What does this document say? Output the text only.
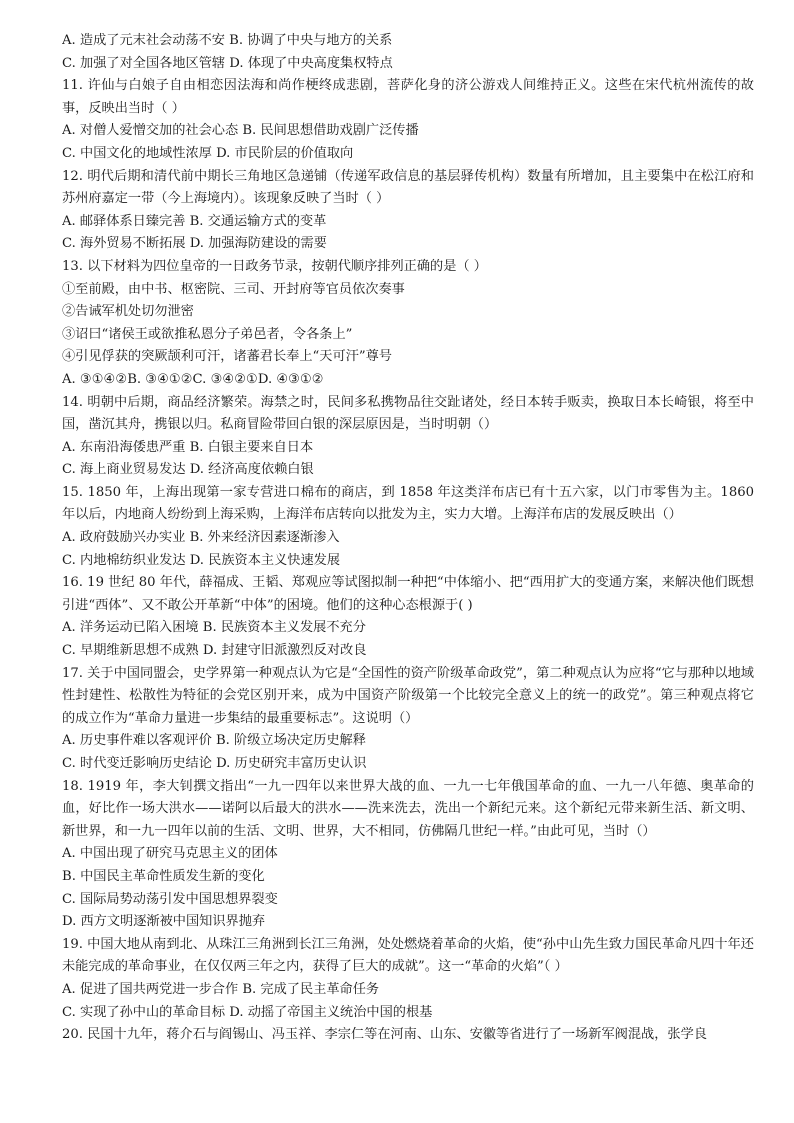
A. 造成了元末社会动荡不安 B. 协调了中央与地方的关系
C. 加强了对全国各地区管辖 D. 体现了中央高度集权特点
11. 许仙与白娘子自由相恋因法海和尚作梗终成悲剧，菩萨化身的济公游戏人间维持正义。这些在宋代杭州流传的故事，反映出当时（ ）
A. 对僧人爱憎交加的社会心态 B. 民间思想借助戏剧广泛传播
C. 中国文化的地域性浓厚 D. 市民阶层的价值取向
12. 明代后期和清代前中期长三角地区急递铺（传递军政信息的基层驿传机构）数量有所增加，且主要集中在松江府和苏州府嘉定一带（今上海境内）。该现象反映了当时（ ）
A. 邮驿体系日臻完善 B. 交通运输方式的变革
C. 海外贸易不断拓展 D. 加强海防建设的需要
13. 以下材料为四位皇帝的一日政务节录，按朝代顺序排列正确的是（ ）
①至前殿，由中书、枢密院、三司、开封府等官员依次奏事
②告诫军机处切勿泄密
③诏曰“诸侯王或欲推私恩分子弟邑者，令各条上”
④引见俘获的突厥颉利可汗，诸蕃君长奉上“天可汗”尊号
A. ③①④②B. ③④①②C. ③④②①D. ④③①②
14. 明朝中后期，商品经济繁荣。海禁之时，民间多私携物品往交趾诸处，经日本转手贩卖，换取日本长崎银，将至中国，凿沉其舟，携银以归。私商冒险带回白银的深层原因是，当时明朝（）
A. 东南沿海倭患严重 B. 白银主要来自日本
C. 海上商业贸易发达 D. 经济高度依赖白银
15. 1850 年，上海出现第一家专营进口棉布的商店，到 1858 年这类洋布店已有十五六家，以门市零售为主。1860 年以后，内地商人纷纷到上海采购，上海洋布店转向以批发为主，实力大增。上海洋布店的发展反映出（）
A. 政府鼓励兴办实业 B. 外来经济因素逐渐渗入
C. 内地棉纺织业发达 D. 民族资本主义快速发展
16. 19 世纪 80 年代，薛福成、王韬、郑观应等试图拟制一种把“中体缩小、把“西用扩大的变通方案，来解决他们既想引进“西体”、又不敢公开革新“中体”的困境。他们的这种心态根源于( )
A. 洋务运动已陷入困境 B. 民族资本主义发展不充分
C. 早期维新思想不成熟 D. 封建守旧派激烈反对改良
17. 关于中国同盟会，史学界第一种观点认为它是“全国性的资产阶级革命政党”，第二种观点认为应将“它与那种以地域性封建性、松散性为特征的会党区别开来，成为中国资产阶级第一个比较完全意义上的统一的政党”。第三种观点将它的成立作为“革命力量进一步集结的最重要标志”。这说明（）
A. 历史事件难以客观评价 B. 阶级立场决定历史解释
C. 时代变迁影响历史结论 D. 历史研究丰富历史认识
18. 1919 年，李大钊撰文指出“一九一四年以来世界大战的血、一九一七年俄国革命的血、一九一八年德、奥革命的血，好比作一场大洪水——诺阿以后最大的洪水——洗来洗去，洗出一个新纪元来。这个新纪元带来新生活、新文明、新世界，和一九一四年以前的生活、文明、世界，大不相同，仿佛隔几世纪一样。”由此可见，当时（）
A. 中国出现了研究马克思主义的团体
B. 中国民主革命性质发生新的变化
C. 国际局势动荡引发中国思想界裂变
D. 西方文明逐渐被中国知识界抛弃
19. 中国大地从南到北、从珠江三角洲到长江三角洲，处处燃烧着革命的火焰，使“孙中山先生致力国民革命凡四十年还未能完成的革命事业，在仅仅两三年之内，获得了巨大的成就”。这一“革命的火焰”（ ）
A. 促进了国共两党进一步合作 B. 完成了民主革命任务
C. 实现了孙中山的革命目标 D. 动摇了帝国主义统治中国的根基
20. 民国十九年，蒋介石与阎锡山、冯玉祥、李宗仁等在河南、山东、安徽等省进行了一场新军阀混战，张学良
